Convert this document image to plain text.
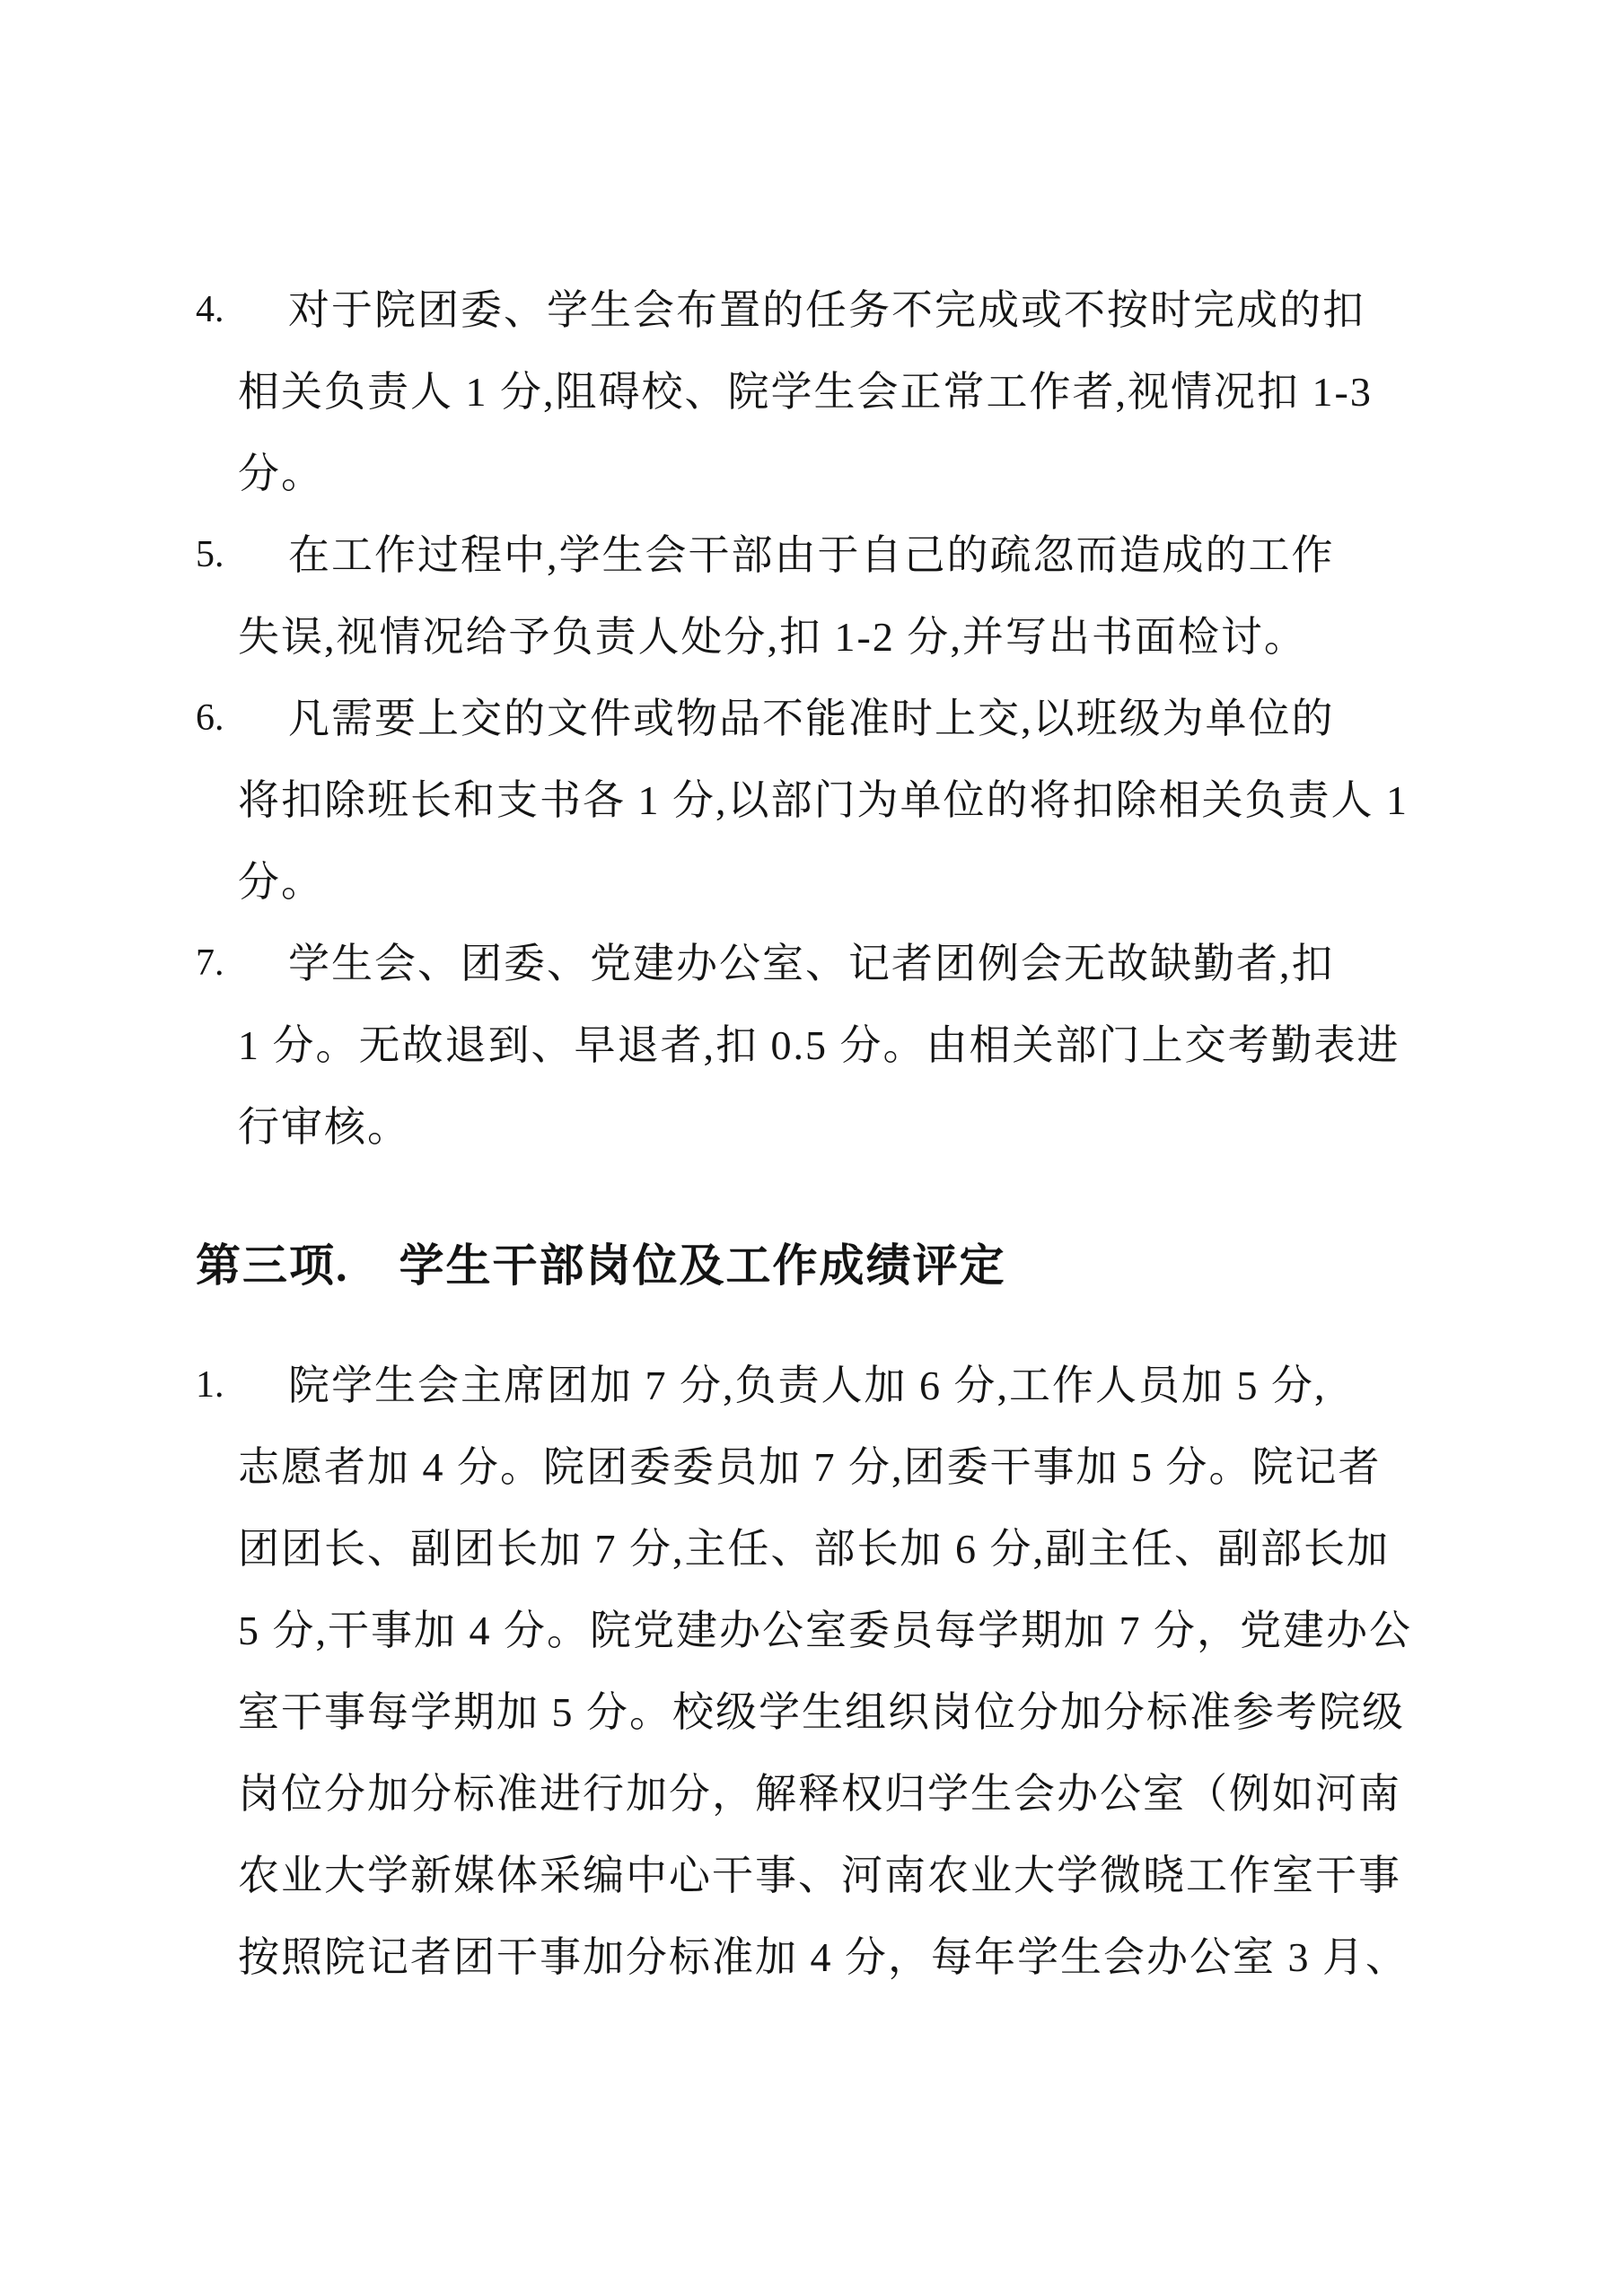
4.	对于院团委、学生会布置的任务不完成或不按时完成的扣
相关负责人 1 分,阻碍校、院学生会正常工作者,视情况扣 1-3
分。
5.	在工作过程中,学生会干部由于自己的疏忽而造成的工作
失误,视情况给予负责人处分,扣 1-2 分,并写出书面检讨。
6.	凡需要上交的文件或物品不能准时上交,以班级为单位的
将扣除班长和支书各 1 分,以部门为单位的将扣除相关负责人 1
分。
7.	学生会、团委、党建办公室、记者团例会无故缺勤者,扣
1 分。无故退到、早退者,扣 0.5 分。由相关部门上交考勤表进
行审核。
第三项. 学生干部岗位及工作成绩评定
1.	院学生会主席团加 7 分,负责人加 6 分,工作人员加 5 分,
志愿者加 4 分。院团委委员加 7 分,团委干事加 5 分。院记者
团团长、副团长加 7 分,主任、部长加 6 分,副主任、副部长加
5 分,干事加 4 分。院党建办公室委员每学期加 7 分，党建办公
室干事每学期加 5 分。校级学生组织岗位分加分标准参考院级
岗位分加分标准进行加分，解释权归学生会办公室（例如河南
农业大学新媒体采编中心干事、河南农业大学微晓工作室干事
按照院记者团干事加分标准加 4 分，每年学生会办公室 3 月、
